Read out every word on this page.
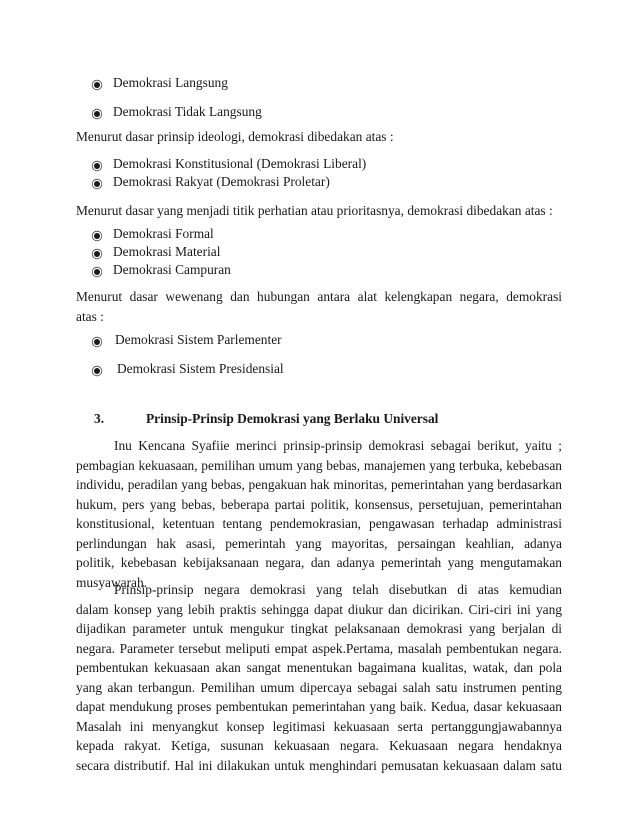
Demokrasi Langsung
Demokrasi Tidak Langsung

Menurut dasar prinsip ideologi, demokrasi dibedakan atas :

Demokrasi Konstitusional (Demokrasi Liberal)
Demokrasi Rakyat (Demokrasi Proletar)

Menurut dasar yang menjadi titik perhatian atau prioritasnya, demokrasi dibedakan atas :

Demokrasi Formal
Demokrasi Material
Demokrasi Campuran
Menurut dasar wewenang dan hubungan antara alat kelengkapan negara, demokrasi
atas :
Demokrasi Sistem Parlementer
Demokrasi Sistem Presidensial
3.	Prinsip-Prinsip Demokrasi yang Berlaku Universal
Inu Kencana Syafiie merinci prinsip-prinsip demokrasi sebagai berikut, yaitu ;
pembagian kekuasaan, pemilihan umum yang bebas, manajemen yang terbuka, kebebasan
individu, peradilan yang bebas, pengakuan hak minoritas, pemerintahan yang berdasarkan
hukum, pers yang bebas, beberapa partai politik, konsensus, persetujuan, pemerintahan
konstitusional, ketentuan tentang pendemokrasian, pengawasan terhadap administrasi
perlindungan hak asasi, pemerintah yang mayoritas, persaingan keahlian, adanya
politik, kebebasan kebijaksanaan negara, dan adanya pemerintah yang mengutamakan
musyawarah.
Prinsip-prinsip negara demokrasi yang telah disebutkan di atas kemudian
dalam konsep yang lebih praktis sehingga dapat diukur dan dicirikan. Ciri-ciri ini yang
dijadikan parameter untuk mengukur tingkat pelaksanaan demokrasi yang berjalan di
negara. Parameter tersebut meliputi empat aspek.Pertama, masalah pembentukan negara.
pembentukan kekuasaan akan sangat menentukan bagaimana kualitas, watak, dan pola
yang akan terbangun. Pemilihan umum dipercaya sebagai salah satu instrumen penting
dapat mendukung proses pembentukan pemerintahan yang baik. Kedua, dasar kekuasaan
Masalah ini menyangkut konsep legitimasi kekuasaan serta pertanggungjawabannya
kepada rakyat. Ketiga, susunan kekuasaan negara. Kekuasaan negara hendaknya
secara distributif. Hal ini dilakukan untuk menghindari pemusatan kekuasaan dalam satu
